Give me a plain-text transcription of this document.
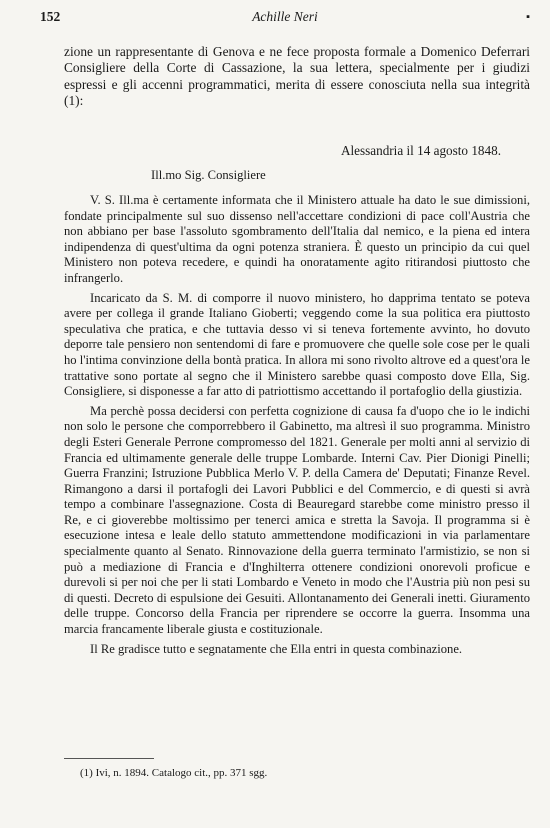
152	Achille Neri	▪

zione un rappresentante di Genova e ne fece proposta formale a Domenico Deferrari Consigliere della Corte di Cassazione, la sua lettera, specialmente per i giudizi espressi e gli accenni programmatici, merita di essere conosciuta nella sua integrità (1):

Alessandria il 14 agosto 1848.
Ill.mo Sig. Consigliere

V. S. Ill.ma è certamente informata che il Ministero attuale ha dato le sue dimissioni, fondate principalmente sul suo dissenso nell'accettare condizioni di pace coll'Austria che non abbiano per base l'assoluto sgombramento dell'Italia dal nemico, e la piena ed intera indipendenza di quest'ultima da ogni potenza straniera. È questo un principio da cui quel Ministero non poteva recedere, e quindi ha onoratamente agito ritirandosi piuttosto che infrangerlo.

Incaricato da S. M. di comporre il nuovo ministero, ho dapprima tentato se poteva avere per collega il grande Italiano Gioberti; veggendo come la sua politica era piuttosto speculativa che pratica, e che tuttavia desso vi si teneva fortemente avvinto, ho dovuto deporre tale pensiero non sentendomi di fare e promuovere che quelle sole cose per le quali ho l'intima convinzione della bontà pratica. In allora mi sono rivolto altrove ed a quest'ora le trattative sono portate al segno che il Ministero sarebbe quasi composto dove Ella, Sig. Consigliere, si disponesse a far atto di patriottismo accettando il portafoglio della giustizia.

Ma perchè possa decidersi con perfetta cognizione di causa fa d'uopo che io le indichi non solo le persone che comporrebbero il Gabinetto, ma altresì il suo programma. Ministro degli Esteri Generale Perrone compromesso del 1821. Generale per molti anni al servizio di Francia ed ultimamente generale delle truppe Lombarde. Interni Cav. Pier Dionigi Pinelli; Guerra Franzini; Istruzione Pubblica Merlo V. P. della Camera de' Deputati; Finanze Revel. Rimangono a darsi il portafogli dei Lavori Pubblici e del Commercio, e di questi si avrà tempo a combinare l'assegnazione. Costa di Beauregard starebbe come ministro presso il Re, e ci gioverebbe moltissimo per tenerci amica e stretta la Savoja. Il programma si è esecuzione intesa e leale dello statuto ammettendone modificazioni in via parlamentare specialmente quanto al Senato. Rinnovazione della guerra terminato l'armistizio, se non si può a mediazione di Francia e d'Inghilterra ottenere condizioni onorevoli proficue e durevoli si per noi che per li stati Lombardo e Veneto in modo che l'Austria più non pesi su di questi. Decreto di espulsione dei Gesuiti. Allontanamento dei Generali inetti. Giuramento delle truppe. Concorso della Francia per riprendere se occorre la guerra. Insomma una marcia francamente liberale giusta e costituzionale.

Il Re gradisce tutto e segnatamente che Ella entri in questa combinazione.

(1) Ivi, n. 1894. Catalogo cit., pp. 371 sgg.
